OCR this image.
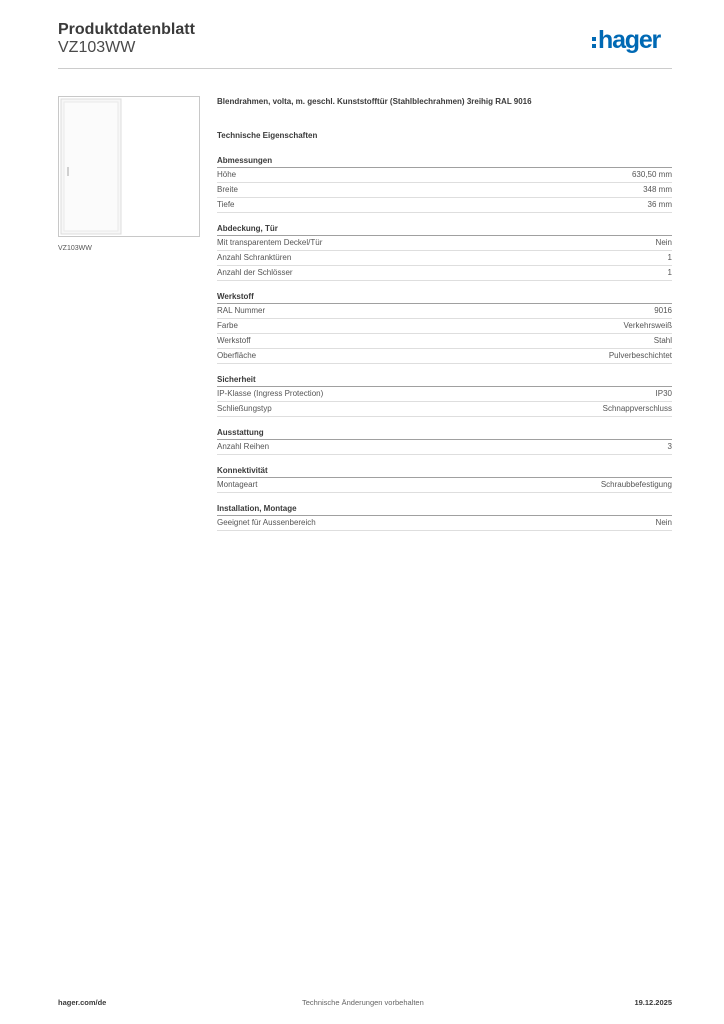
Produktdatenblatt
VZ103WW	hager
VZ103WW
Blendrahmen, volta, m. geschl. Kunststofftür (Stahlblechrahmen) 3reihig RAL 9016
Technische Eigenschaften
Abmessungen
Höhe	630,50 mm
Breite	348 mm
Tiefe	36 mm
Abdeckung, Tür
Mit transparentem Deckel/Tür	Nein
Anzahl Schranktüren	1
Anzahl der Schlösser	1
Werkstoff
RAL Nummer	9016
Farbe	Verkehrsweiß
Werkstoff	Stahl
Oberfläche	Pulverbeschichtet
Sicherheit
IP-Klasse (Ingress Protection)	IP30
Schließungstyp	Schnappverschluss
Ausstattung
Anzahl Reihen	3
Konnektivität
Montageart	Schraubbefestigung
Installation, Montage
Geeignet für Aussenbereich	Nein
hager.com/de	Technische Änderungen vorbehalten	19.12.2025
